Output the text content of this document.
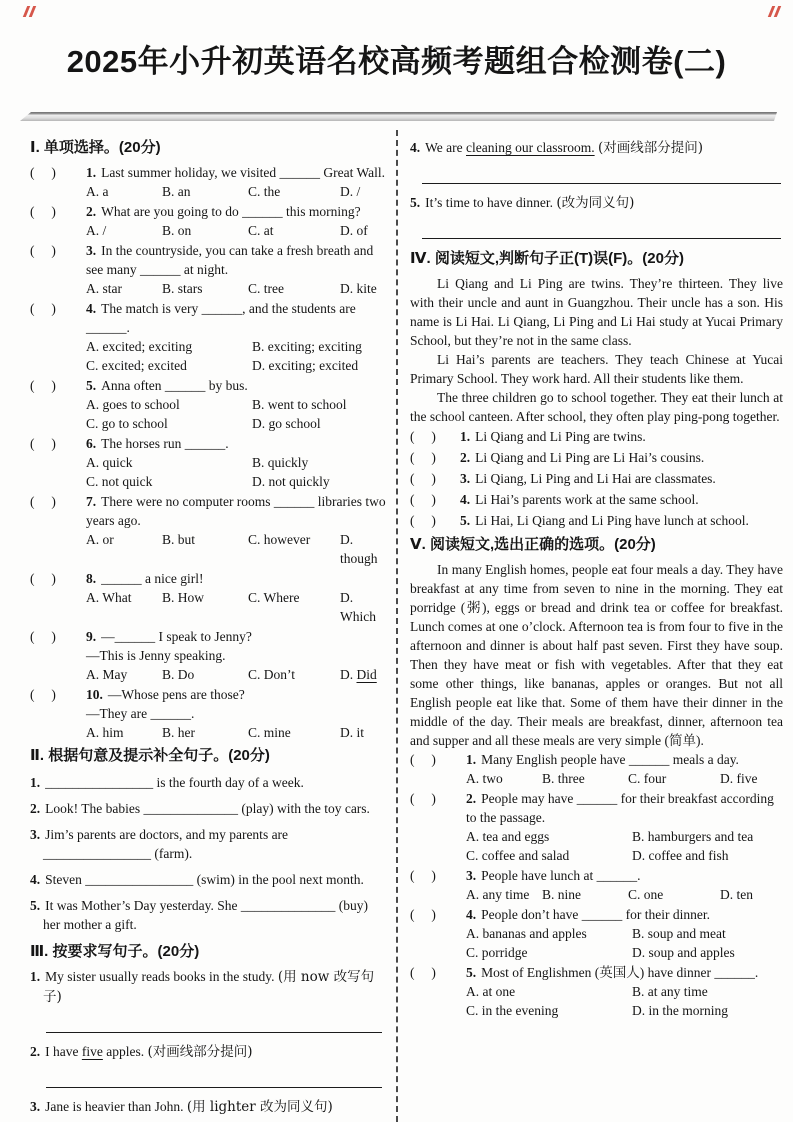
2025年小升初英语名校高频考题组合检测卷(二)
Ⅰ. 单项选择。(20分)
(     )	1. Last summer holiday, we visited ______ Great Wall.
A. a	B. an	C. the	D. /
(     )	2. What are you going to do ______ this morning?
A. /	B. on	C. at	D. of
(     )	3. In the countryside, you can take a fresh breath and see many ______ at night.
A. star	B. stars	C. tree	D. kite
(     )	4. The match is very ______, and the students are ______.
A. excited; exciting	B. exciting; exciting
C. excited; excited	D. exciting; excited
(     )	5. Anna often ______ by bus.
A. goes to school	B. went to school
C. go to school	D. go school
(     )	6. The horses run ______.
A. quick	B. quickly
C. not quick	D. not quickly
(     )	7. There were no computer rooms ______ libraries two years ago.
A. or	B. but	C. however	D. though
(     )	8. ______ a nice girl!
A. What	B. How	C. Where	D. Which
(     )	9. —______ I speak to Jenny?
—This is Jenny speaking.
A. May	B. Do	C. Don’t	D. Did
(     )	10. —Whose pens are those?
—They are ______.
A. him	B. her	C. mine	D. it
Ⅱ. 根据句意及提示补全句子。(20分)
1. ________________ is the fourth day of a week.
2. Look! The babies ______________ (play) with the toy cars.
3. Jim’s parents are doctors, and my parents are ________________ (farm).
4. Steven ________________ (swim) in the pool next month.
5. It was Mother’s Day yesterday. She ______________ (buy) her mother a gift.
Ⅲ. 按要求写句子。(20分)
1. My sister usually reads books in the study. (用 now 改写句子)
2. I have five apples. (对画线部分提问)
3. Jane is heavier than John. (用 lighter 改为同义句)
4. We are cleaning our classroom. (对画线部分提问)
5. It’s time to have dinner. (改为同义句)
Ⅳ. 阅读短文,判断句子正(T)误(F)。(20分)

Li Qiang and Li Ping are twins. They’re thirteen. They live with their uncle and aunt in Guangzhou. Their uncle has a son. His name is Li Hai. Li Qiang, Li Ping and Li Hai study at Yucai Primary School, but they’re not in the same class.

Li Hai’s parents are teachers. They teach Chinese at Yucai Primary School. They work hard. All their students like them.

The three children go to school together. They eat their lunch at the school canteen. After school, they often play ping-pong together.

(     )	1. Li Qiang and Li Ping are twins.
(     )	2. Li Qiang and Li Ping are Li Hai’s cousins.
(     )	3. Li Qiang, Li Ping and Li Hai are classmates.
(     )	4. Li Hai’s parents work at the same school.
(     )	5. Li Hai, Li Qiang and Li Ping have lunch at school.
Ⅴ. 阅读短文,选出正确的选项。(20分)

In many English homes, people eat four meals a day. They have breakfast at any time from seven to nine in the morning. They eat porridge (粥), eggs or bread and drink tea or coffee for breakfast. Lunch comes at one o’clock. Afternoon tea is from four to five in the afternoon and dinner is about half past seven. First they have soup. Then they have meat or fish with vegetables. After that they eat some other things, like bananas, apples or oranges. But not all English people eat like that. Some of them have their dinner in the middle of the day. Their meals are breakfast, dinner, afternoon tea and supper and all these meals are very simple (简单).

(     )	1. Many English people have ______ meals a day.
A. two	B. three	C. four	D. five
(     )	2. People may have ______ for their breakfast according to the passage.
A. tea and eggs	B. hamburgers and tea
C. coffee and salad	D. coffee and fish
(     )	3. People have lunch at ______.
A. any time B. nine	C. one	D. ten
(     )	4. People don’t have ______ for their dinner.
A. bananas and apples	B. soup and meat
C. porridge	D. soup and apples
(     )	5. Most of Englishmen (英国人) have dinner ______.
A. at one	B. at any time
C. in the evening	D. in the morning
